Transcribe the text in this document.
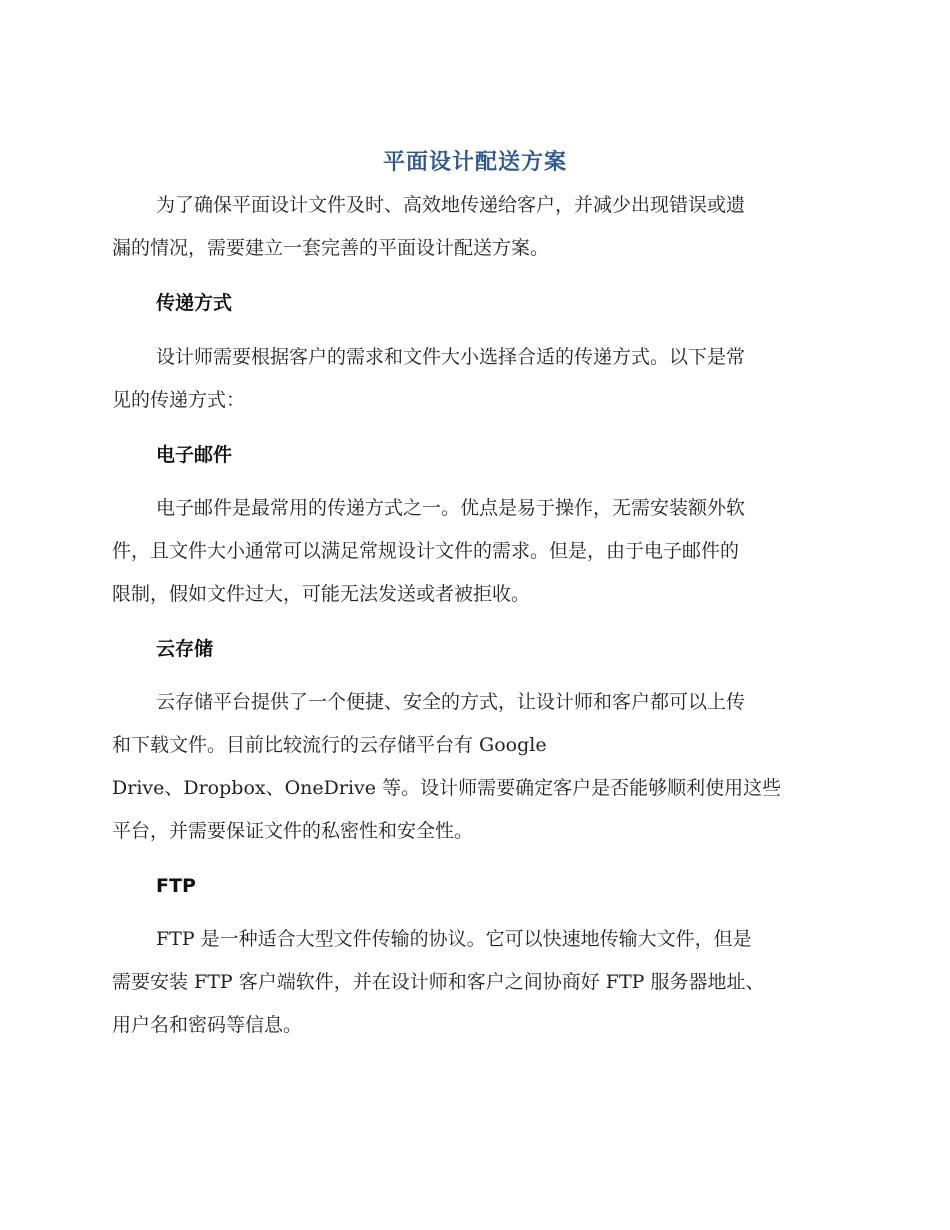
平面设计配送方案
为了确保平面设计文件及时、高效地传递给客户，并减少出现错误或遗
漏的情况，需要建立一套完善的平面设计配送方案。
传递方式
设计师需要根据客户的需求和文件大小选择合适的传递方式。以下是常
见的传递方式：
电子邮件
电子邮件是最常用的传递方式之一。优点是易于操作，无需安装额外软
件，且文件大小通常可以满足常规设计文件的需求。但是，由于电子邮件的
限制，假如文件过大，可能无法发送或者被拒收。
云存储
云存储平台提供了一个便捷、安全的方式，让设计师和客户都可以上传
和下载文件。目前比较流行的云存储平台有 Google
Drive、Dropbox、OneDrive 等。设计师需要确定客户是否能够顺利使用这些
平台，并需要保证文件的私密性和安全性。
FTP
FTP 是一种适合大型文件传输的协议。它可以快速地传输大文件，但是
需要安装 FTP 客户端软件，并在设计师和客户之间协商好 FTP 服务器地址、
用户名和密码等信息。
